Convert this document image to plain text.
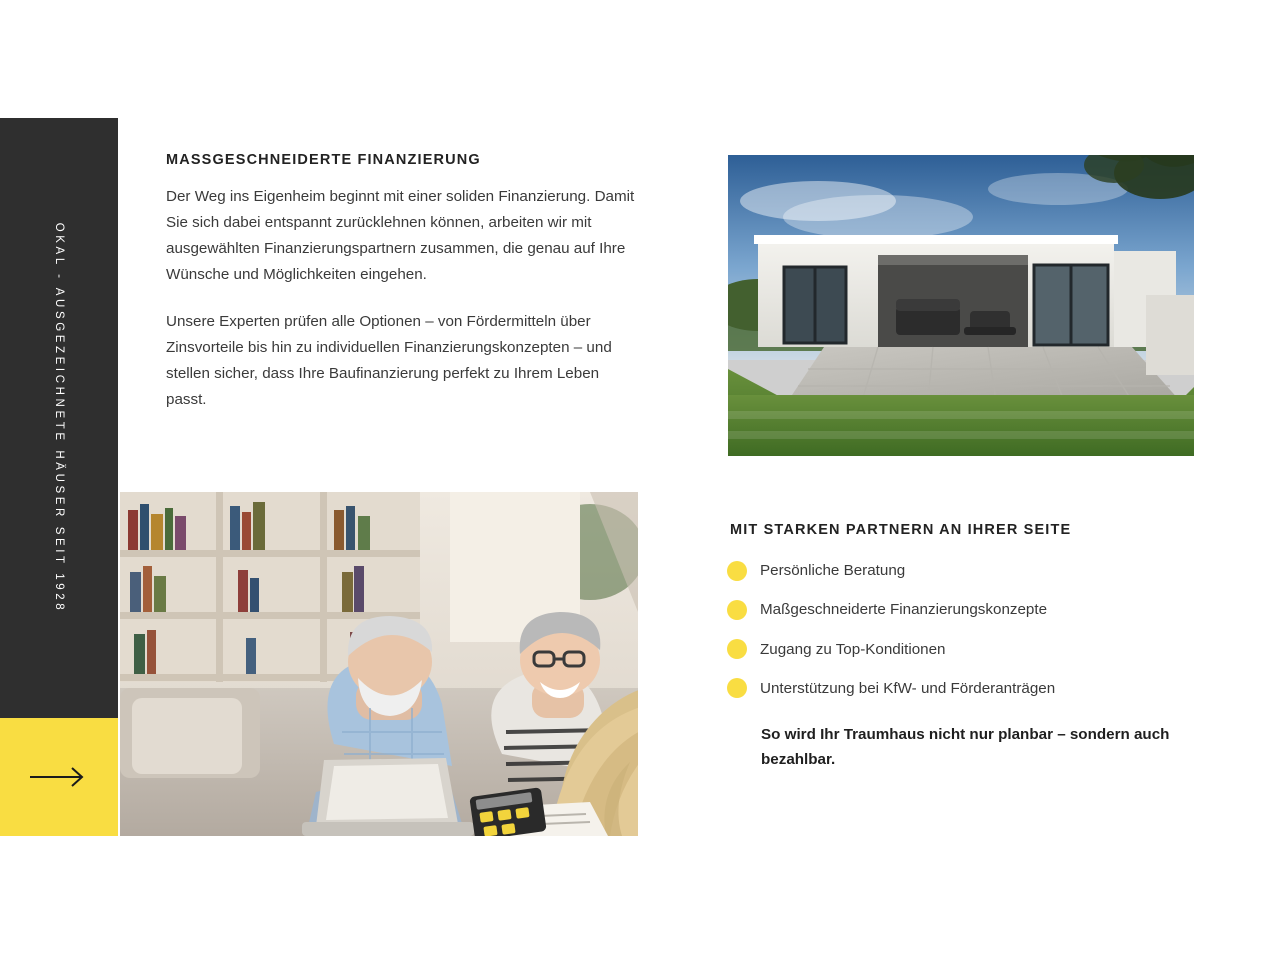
OKAL - AUSGEZEICHNETE HÄUSER SEIT 1928
MASSGESCHNEIDERTE FINANZIERUNG

Der Weg ins Eigenheim beginnt mit einer soliden Finanzierung. Damit Sie sich dabei entspannt zurücklehnen können, arbeiten wir mit ausgewählten Finanzierungspartnern zusammen, die genau auf Ihre Wünsche und Möglichkeiten eingehen.

Unsere Experten prüfen alle Optionen – von Fördermitteln über Zinsvorteile bis hin zu individuellen Finanzierungskonzepten – und stellen sicher, dass Ihre Baufinanzierung perfekt zu Ihrem Leben passt.

MIT STARKEN PARTNERN AN IHRER SEITE
Persönliche Beratung
Maßgeschneiderte Finanzierungskonzepte
Zugang zu Top-Konditionen
Unterstützung bei KfW- und Förderanträgen

So wird Ihr Traumhaus nicht nur planbar – sondern auch bezahlbar.
